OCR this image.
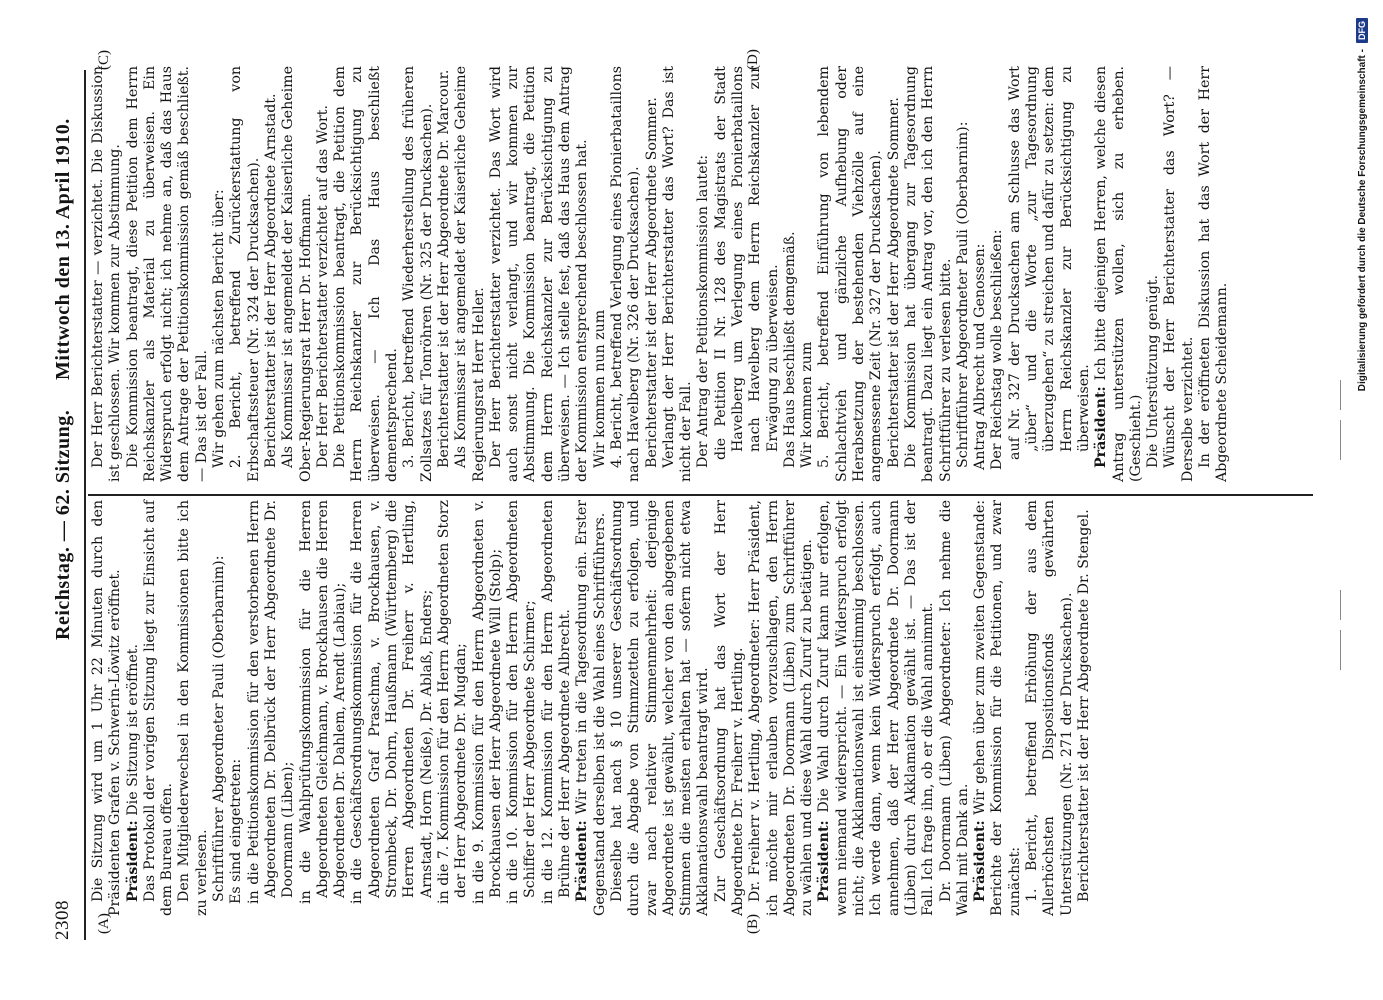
2308
Reichstag. — 62. Sitzung.
Mittwoch den 13. April 1910.
(A)	(B)
(C)	(D)

Die Sitzung wird um 1 Uhr 22 Minuten durch den Präsidenten Grafen v. Schwerin-Löwitz eröffnet. Präsident: Die Sitzung ist eröffnet. Das Protokoll der vorigen Sitzung liegt zur Einsicht auf dem Bureau offen. Den Mitgliederwechsel in den Kommissionen bitte ich zu verlesen. Schriftführer Abgeordneter Pauli (Oberbarnim): Es sind eingetreten: in die Petitionskommission für den verstorbenen Herrn Abgeordneten Dr. Delbrück der Herr Abgeordnete Dr. Doormann (Liben); in die Wahlprüfungskommission für die Herren Abgeordneten Gleichmann, v. Brockhausen die Herren Abgeordneten Dr. Dahlem, Arendt (Labiau); in die Geschäftsordnungskommission für die Herren Abgeordneten Graf Praschma, v. Brockhausen, v. Strombeck, Dr. Dohrn, Haußmann (Württemberg) die Herren Abgeordneten Dr. Freiherr v. Hertling, Arnstadt, Horn (Neiße), Dr. Ablaß, Enders; in die 7. Kommission für den Herrn Abgeordneten Storz der Herr Abgeordnete Dr. Mugdan; in die 9. Kommission für den Herrn Abgeordneten v. Brockhausen der Herr Abgeordnete Will (Stolp); in die 10. Kommission für den Herrn Abgeordneten Schiffer der Herr Abgeordnete Schirmer; in die 12. Kommission für den Herrn Abgeordneten Brühne der Herr Abgeordnete Albrecht. Präsident: Wir treten in die Tagesordnung ein. Erster Gegenstand derselben ist die Wahl eines Schriftführers. Dieselbe hat nach § 10 unserer Geschäftsordnung durch die Abgabe von Stimmzetteln zu erfolgen, und zwar nach relativer Stimmenmehrheit: derjenige Abgeordnete ist gewählt, welcher von den abgegebenen Stimmen die meisten erhalten hat — sofern nicht etwa Akklamationswahl beantragt wird. Zur Geschäftsordnung hat das Wort der Herr Abgeordnete Dr. Freiherr v. Hertling. Dr. Freiherr v. Hertling, Abgeordneter: Herr Präsident, ich möchte mir erlauben vorzuschlagen, den Herrn Abgeordneten Dr. Doormann (Liben) zum Schriftführer zu wählen und diese Wahl durch Zuruf zu betätigen. Präsident: Die Wahl durch Zuruf kann nur erfolgen, wenn niemand widerspricht. — Ein Widerspruch erfolgt nicht; die Akklamationswahl ist einstimmig beschlossen. Ich werde dann, wenn kein Widerspruch erfolgt, auch annehmen, daß der Herr Abgeordnete Dr. Doormann (Liben) durch Akklamation gewählt ist. — Das ist der Fall. Ich frage ihn, ob er die Wahl annimmt. Dr. Doormann (Liben) Abgeordneter: Ich nehme die Wahl mit Dank an. Präsident: Wir gehen über zum zweiten Gegenstande: Berichte der Kommission für die Petitionen, und zwar zunächst: 1. Bericht, betreffend Erhöhung der aus dem Allerhöchsten Dispositionsfonds gewährten Unterstützungen (Nr. 271 der Drucksachen). Berichterstatter ist der Herr Abgeordnete Dr. Stengel.

Der Herr Berichterstatter — verzichtet. Die Diskussion ist geschlossen. Wir kommen zur Abstimmung. Die Kommission beantragt, diese Petition dem Herrn Reichskanzler als Material zu überweisen. Ein Widerspruch erfolgt nicht; ich nehme an, daß das Haus dem Antrage der Petitionskommission gemäß beschließt. — Das ist der Fall. Wir gehen zum nächsten Bericht über: 2. Bericht, betreffend Zurückerstattung von Erbschaftssteuer (Nr. 324 der Drucksachen). Berichterstatter ist der Herr Abgeordnete Arnstadt. Als Kommissar ist angemeldet der Kaiserliche Geheime Ober-Regierungsrat Herr Dr. Hoffmann. Der Herr Berichterstatter verzichtet auf das Wort. Die Petitionskommission beantragt, die Petition dem Herrn Reichskanzler zur Berücksichtigung zu überweisen. — Ich Das Haus beschließt dementsprechend. 3. Bericht, betreffend Wiederherstellung des früheren Zollsatzes für Tonröhren (Nr. 325 der Drucksachen). Berichterstatter ist der Herr Abgeordnete Dr. Marcour. Als Kommissar ist angemeldet der Kaiserliche Geheime Regierungsrat Herr Heller. Der Herr Berichterstatter verzichtet. Das Wort wird auch sonst nicht verlangt, und wir kommen zur Abstimmung. Die Kommission beantragt, die Petition dem Herrn Reichskanzler zur Berücksichtigung zu überweisen. — Ich stelle fest, daß das Haus dem Antrag der Kommission entsprechend beschlossen hat. Wir kommen nun zum 4. Bericht, betreffend Verlegung eines Pionierbataillons nach Havelberg (Nr. 326 der Drucksachen). Berichterstatter ist der Herr Abgeordnete Sommer. Verlangt der Herr Berichterstatter das Wort? Das ist nicht der Fall. Der Antrag der Petitionskommission lautet: die Petition II Nr. 128 des Magistrats der Stadt Havelberg um Verlegung eines Pionierbataillons nach Havelberg dem Herrn Reichskanzler zur Erwägung zu überweisen. Das Haus beschließt demgemäß. Wir kommen zum 5. Bericht, betreffend Einführung von lebendem Schlachtvieh und gänzliche Aufhebung oder Herabsetzung der bestehenden Viehzölle auf eine angemessene Zeit (Nr. 327 der Drucksachen). Berichterstatter ist der Herr Abgeordnete Sommer. Die Kommission hat übergang zur Tagesordnung beantragt. Dazu liegt ein Antrag vor, den ich den Herrn Schriftführer zu verlesen bitte. Schriftführer Abgeordneter Pauli (Oberbarnim): Antrag Albrecht und Genossen: Der Reichstag wolle beschließen: auf Nr. 327 der Drucksachen am Schlusse das Wort „über“ und die Worte „zur Tagesordnung überzugehen“ zu streichen und dafür zu setzen: dem Herrn Reichskanzler zur Berücksichtigung zu überweisen. Präsident: Ich bitte diejenigen Herren, welche diesen Antrag unterstützen wollen, sich zu erheben. (Geschieht.) Die Unterstützung genügt. Wünscht der Herr Berichterstatter das Wort? — Derselbe verzichtet. In der eröffneten Diskussion hat das Wort der Herr Abgeordnete Scheidemann.	Digitalisierung gefördert durch die Deutsche Forschungsgemeinschaft -DFG
